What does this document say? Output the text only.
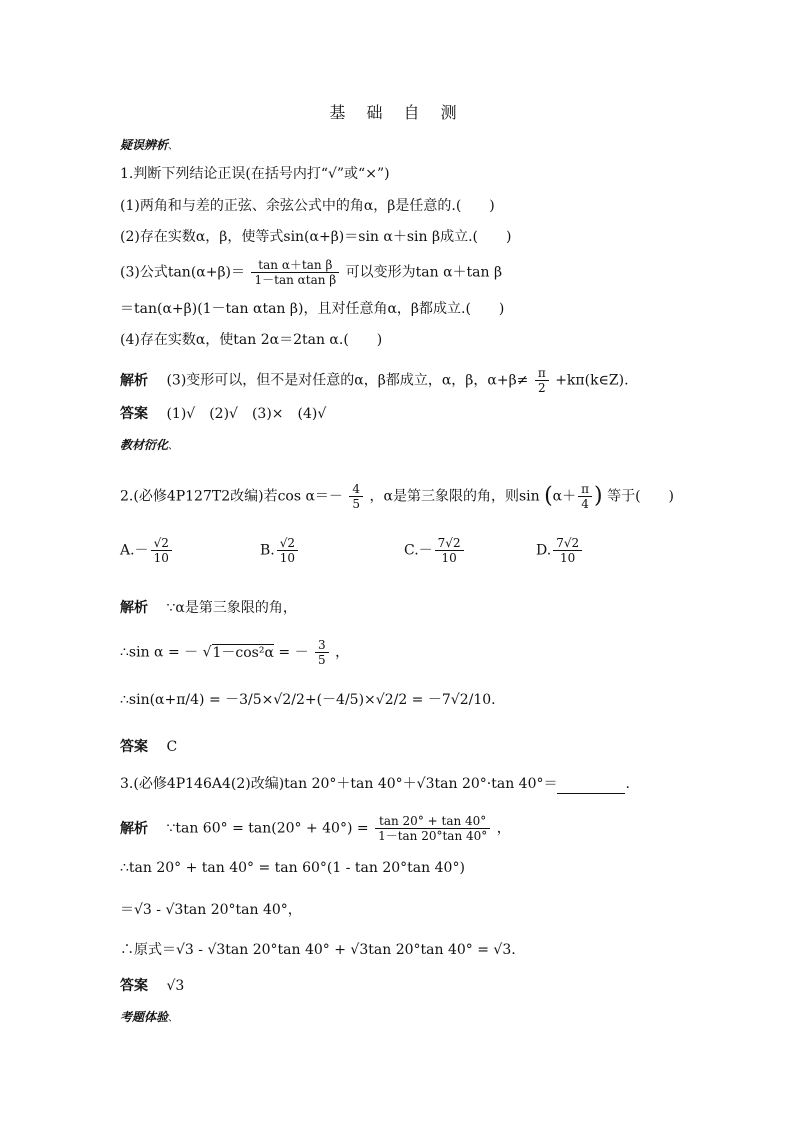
基 础 自 测
疑误辨析 、
1.判断下列结论正误(在括号内打“√”或“×”)
(1)两角和与差的正弦、余弦公式中的角α，β是任意的.(　　)
(2)存在实数α，β，使等式sin(α+β)＝sin α＋sin β成立.(　　)
(3)公式$\tan(\alpha+\beta)= \frac{\text{tan α＋tan β}}{\text{1－tan αtan β}}$ 可以变形为tan α＋tan β
＝tan(α+β)(1－tan αtan β)，且对任意角α，β都成立.(　　)
(4)存在实数α，使tan 2α＝2tan α.(　　)
解析 (3)变形可以，但不是对任意的α，β都成立，α，β，$\alpha+\beta\ne \frac{\pi}{2}$ +kπ(k∈Z).
答案 (1)√　(2)√　(3)×　(4)√
教材衍化 、
2.(必修4P127T2改编)若$\cos \alpha=- \frac{4}{5}$ ，α是第三象限的角，则$\sin (\alpha+ \frac{\pi}{4}$ ) 等于(　　)
$A.- \frac{√2}{10}$	B. $\frac{√2}{10}$	$C.- \frac{7√2}{10}$	D. $\frac{7√2}{10}$
解析 ∵α是第三象限的角，
∴sin α = － √1－cos²α = － $\frac{3}{5}$ ，
∴sin(α+π/4) = －3/5×√2/2+(－4/5)×√2/2 = －7√2/10.
答案 C
3.(必修4P146A4(2)改编)tan 20°＋tan 40°＋√3tan 20°·tan 40°＝	.
解析 ∵tan $60^\circ = \tan(20^\circ + 40^\circ) = \frac{\tan 20^\circ + \tan 40^\circ}{1-\tan 20^\circ\tan 40^\circ}$ ，
∴tan 20° + tan 40° = tan 60°(1 - tan 20°tan 40°)
＝√3 - √3tan 20°tan 40°，
∴原式＝√3 - √3tan 20°tan 40° + √3tan 20°tan 40° = √3.
答案 √3
考题体验 、
